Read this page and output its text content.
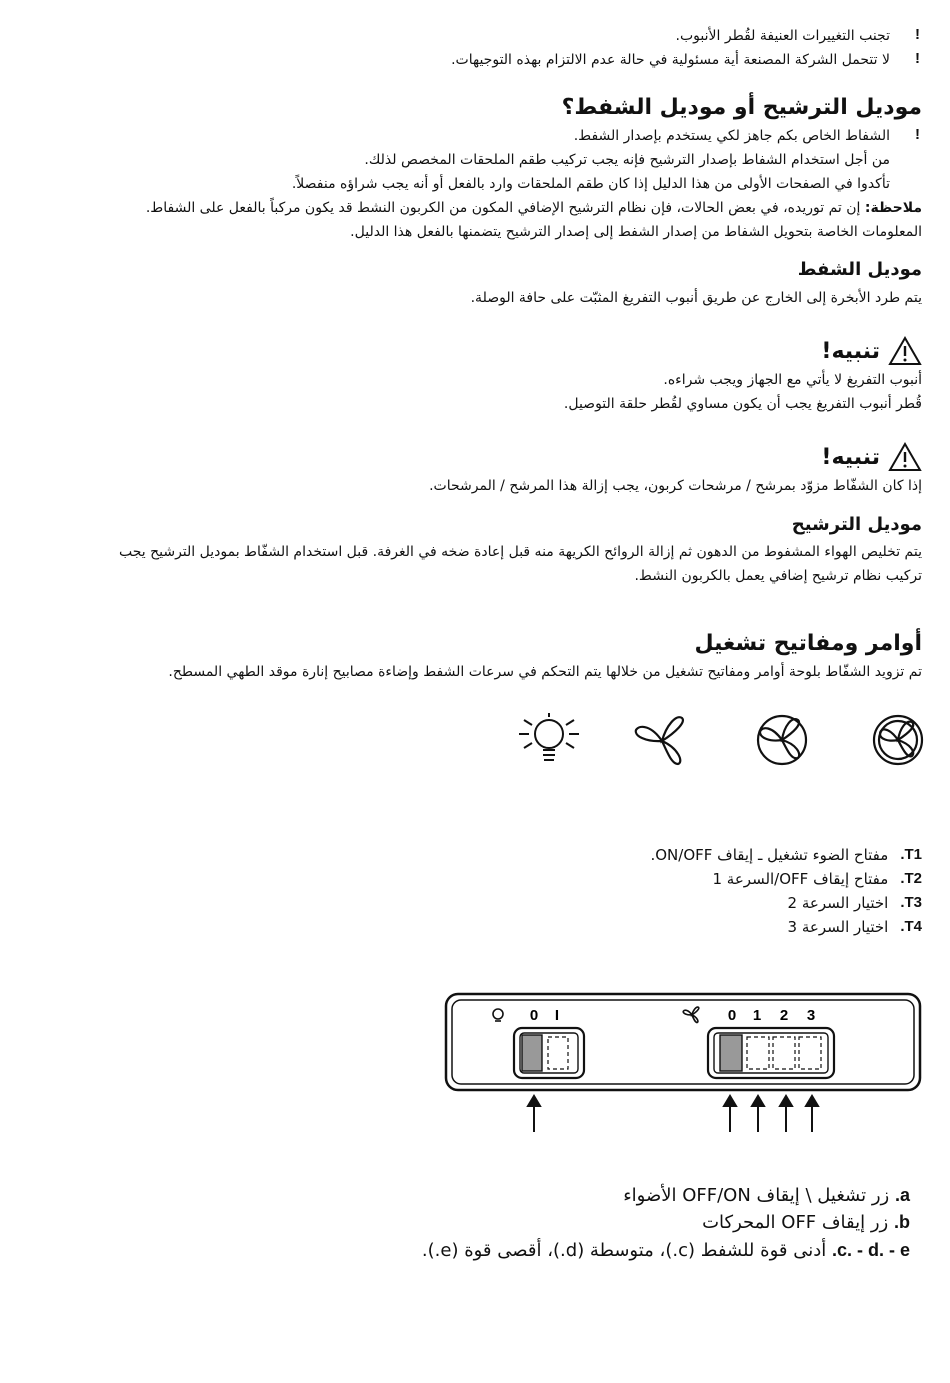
!
تجنب التغييرات العنيفة لقُطر الأنبوب.
!
لا تتحمل الشركة المصنعة أية مسئولية في حالة عدم الالتزام بهذه التوجيهات.
موديل الترشيح أو موديل الشفط؟
!
الشفاط الخاص بكم جاهز لكي يستخدم بإصدار الشفط.
من أجل استخدام الشفاط بإصدار الترشيح فإنه يجب تركيب طقم الملحقات المخصص لذلك.
تأكدوا في الصفحات الأولى من هذا الدليل إذا كان طقم الملحقات وارد بالفعل أو أنه يجب شراؤه منفصلاً.
ملاحظة: إن تم توريده، في بعض الحالات، فإن نظام الترشيح الإضافي المكون من الكربون النشط قد يكون مركباً بالفعل على الشفاط.
المعلومات الخاصة بتحويل الشفاط من إصدار الشفط إلى إصدار الترشيح يتضمنها بالفعل هذا الدليل.
موديل الشفط
يتم طرد الأبخرة إلى الخارج عن طريق أنبوب التفريغ المثبّت على حافة الوصلة.
تنبيه!
أنبوب التفريغ لا يأتي مع الجهاز ويجب شراءه.
قُطر أنبوب التفريغ يجب أن يكون مساوي لقُطر حلقة التوصيل.
تنبيه!
إذا كان الشفّاط مزوّد بمرشح / مرشحات كربون، يجب إزالة هذا المرشح / المرشحات.
موديل الترشيح
يتم تخليص الهواء المشفوط من الدهون ثم إزالة الروائح الكريهة منه قبل إعادة ضخه في الغرفة. قبل استخدام الشفّاط بموديل الترشيح يجب
تركيب نظام ترشيح إضافي يعمل بالكربون النشط.
أوامر ومفاتيح تشغيل
تم تزويد الشفّاط بلوحة أوامر ومفاتيح تشغيل من خلالها يتم التحكم في سرعات الشفط وإضاءة مصابيح إنارة موقد الطهي المسطح.
T1.
مفتاح الضوء تشغيل ـ إيقاف ON/OFF.
T2.
مفتاح إيقاف OFF/السرعة 1
T3.
اختيار السرعة 2
T4.
اختيار السرعة 3
0 I	0 1 2 3
a. زر تشغيل \ إيقاف OFF/ON الأضواء
b. زر إيقاف OFF المحركات
c. - d. - e. أدنى قوة للشفط (c.)، متوسطة (d.)، أقصى قوة (e.).
